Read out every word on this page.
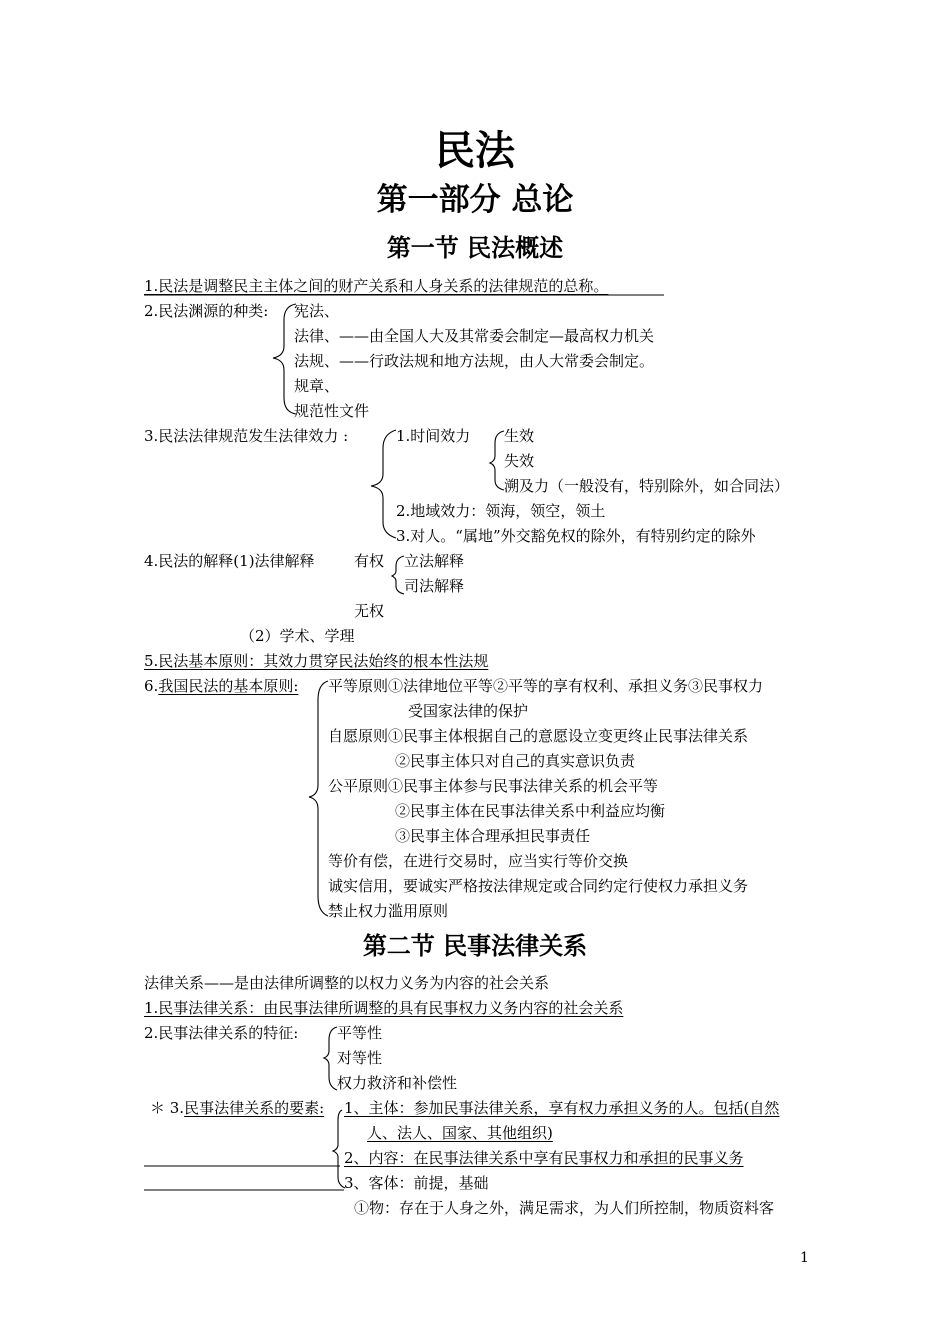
民法
第一部分 总论
第一节 民法概述
1.民法是调整民主主体之间的财产关系和人身关系的法律规范的总称。
2.民法渊源的种类: 宪法、
法律、——由全国人大及其常委会制定—最高权力机关
法规、——行政法规和地方法规，由人大常委会制定。
规章、
规范性文件
3.民法法律规范发生法律效力 :	1.时间效力 生效
失效
溯及力（一般没有，特别除外，如合同法）
2.地域效力：领海，领空，领土
3.对人。“属地”外交豁免权的除外，有特别约定的除外
4.民法的解释(1)法律解释	有权 立法解释
司法解释
无权
（2）学术、学理
5.民法基本原则：其效力贯穿民法始终的根本性法规
6.我国民法的基本原则: 平等原则①法律地位平等②平等的享有权利、承担义务③民事权力
受国家法律的保护
自愿原则①民事主体根据自己的意愿设立变更终止民事法律关系
②民事主体只对自己的真实意识负责
公平原则①民事主体参与民事法律关系的机会平等
②民事主体在民事法律关系中利益应均衡
③民事主体合理承担民事责任
等价有偿，在进行交易时，应当实行等价交换
诚实信用，要诚实严格按法律规定或合同约定行使权力承担义务
禁止权力滥用原则
第二节 民事法律关系
法律关系——是由法律所调整的以权力义务为内容的社会关系
1.民事法律关系：由民事法律所调整的具有民事权力义务内容的社会关系
2.民事法律关系的特征:	平等性
对等性
权力救济和补偿性
＊ 3.民事法律关系的要素: 1、主体：参加民事法律关系，享有权力承担义务的人。包括(自然
人、法人、国家、其他组织)
2、内容：在民事法律关系中享有民事权力和承担的民事义务
3、客体：前提，基础
①物：存在于人身之外，满足需求，为人们所控制，物质资料客
1
